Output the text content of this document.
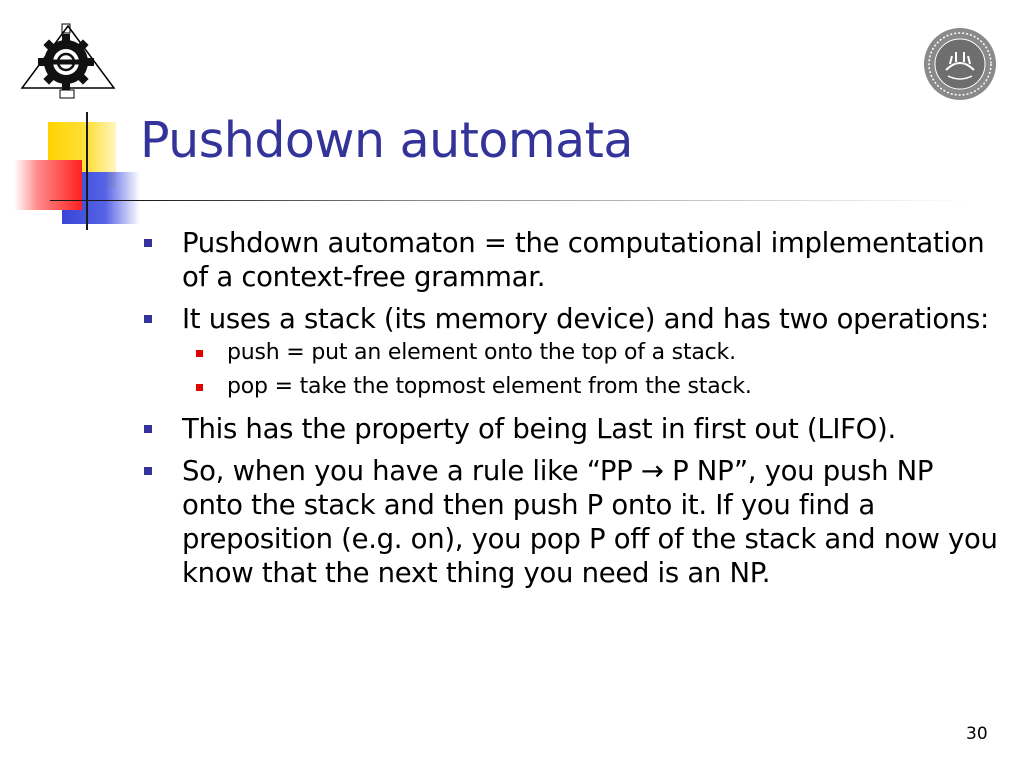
Pushdown automata
Pushdown automaton = the computational implementation of a context-free grammar.
It uses a stack (its memory device) and has two operations:
push = put an element onto the top of a stack.
pop = take the topmost element from the stack.
This has the property of being Last in first out (LIFO).
So, when you have a rule like “PP → P NP”, you push NP onto the stack and then push P onto it. If you find a preposition (e.g. on), you pop P off of the stack and now you know that the next thing you need is an NP.
30
